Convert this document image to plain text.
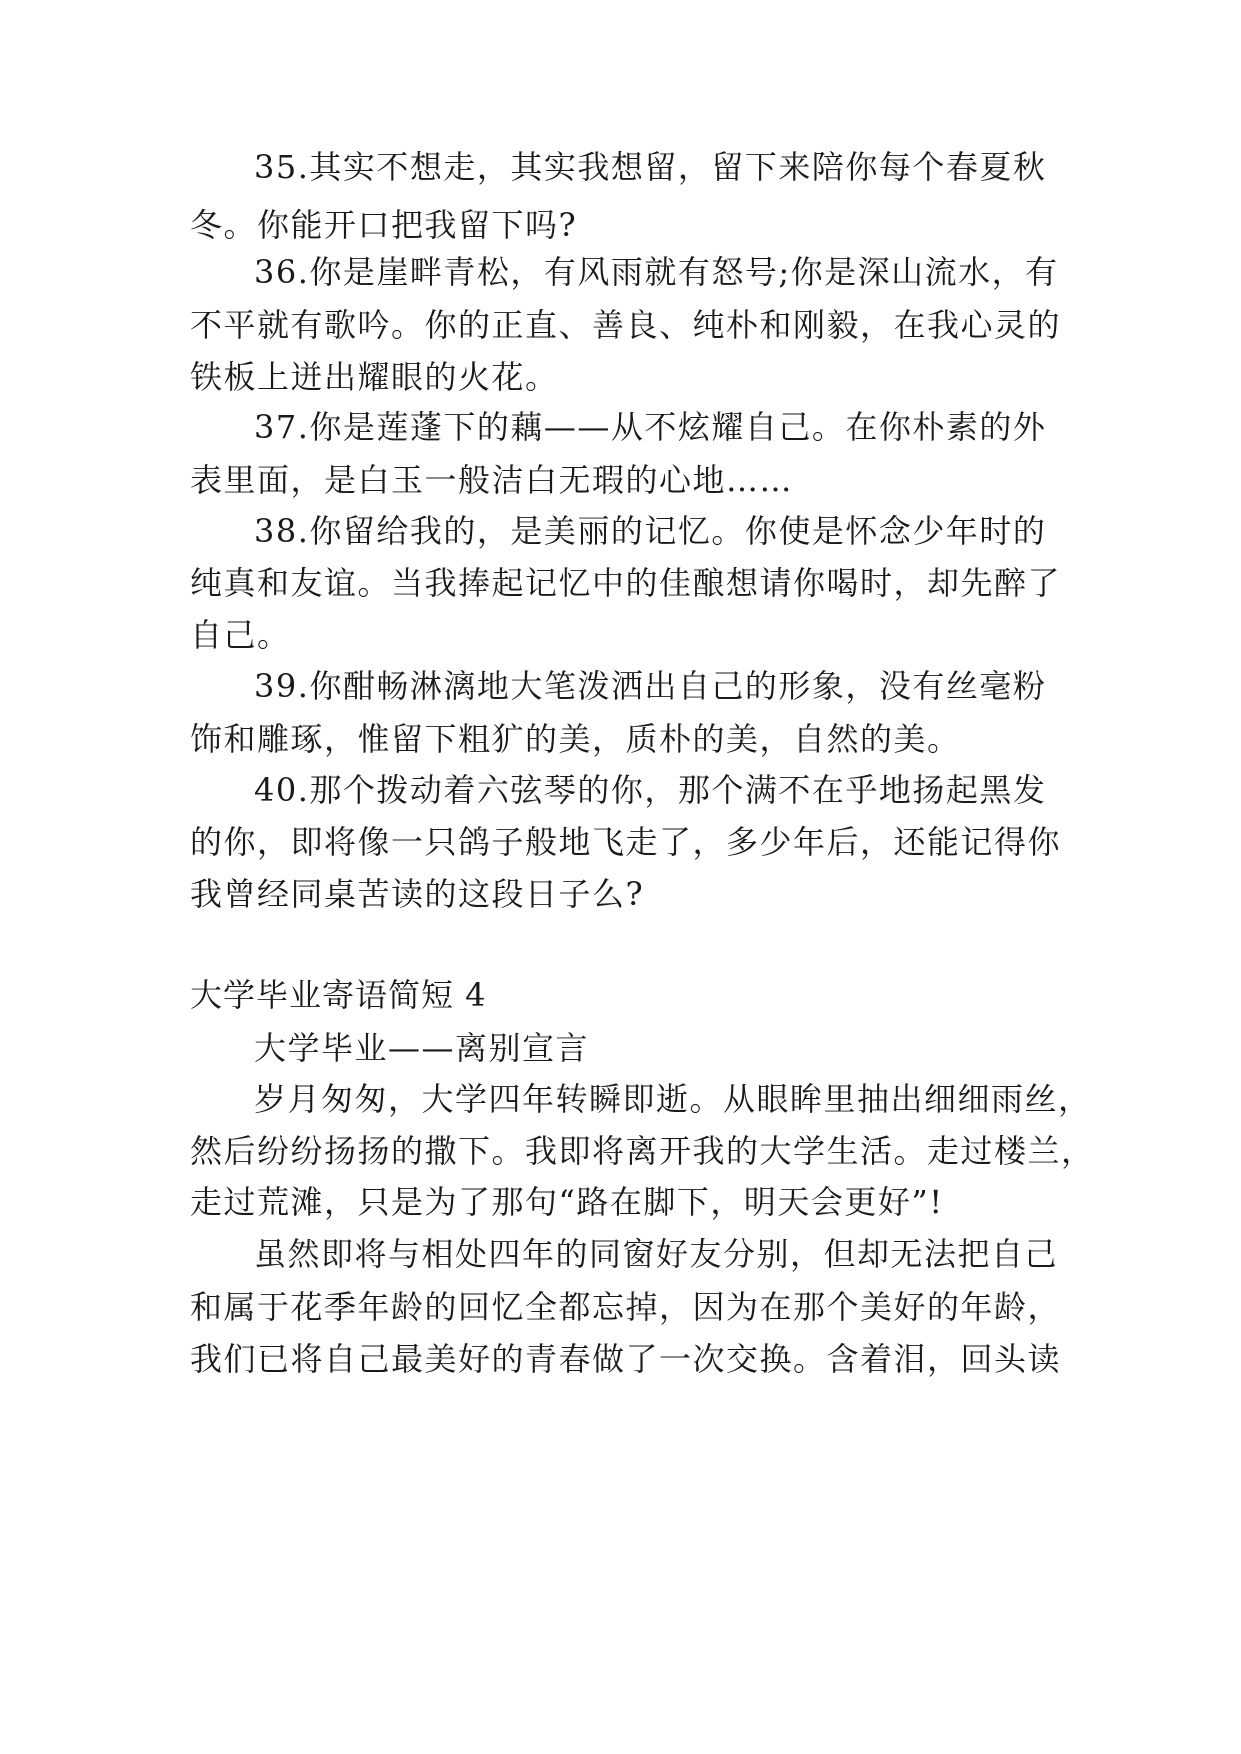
35.其实不想走，其实我想留，留下来陪你每个春夏秋
冬。你能开口把我留下吗?
36.你是崖畔青松，有风雨就有怒号;你是深山流水，有
不平就有歌吟。你的正直、善良、纯朴和刚毅，在我心灵的
铁板上迸出耀眼的火花。
37.你是莲蓬下的藕——从不炫耀自己。在你朴素的外
表里面，是白玉一般洁白无瑕的心地……
38.你留给我的，是美丽的记忆。你使是怀念少年时的
纯真和友谊。当我捧起记忆中的佳酿想请你喝时，却先醉了
自己。
39.你酣畅淋漓地大笔泼洒出自己的形象，没有丝毫粉
饰和雕琢，惟留下粗犷的美，质朴的美，自然的美。
40.那个拨动着六弦琴的你，那个满不在乎地扬起黑发
的你，即将像一只鸽子般地飞走了，多少年后，还能记得你
我曾经同桌苦读的这段日子么?
大学毕业寄语简短 4
大学毕业——离别宣言
岁月匆匆，大学四年转瞬即逝。从眼眸里抽出细细雨丝，
然后纷纷扬扬的撒下。我即将离开我的大学生活。走过楼兰，
走过荒滩，只是为了那句“路在脚下，明天会更好”!
虽然即将与相处四年的同窗好友分别，但却无法把自己
和属于花季年龄的回忆全都忘掉，因为在那个美好的年龄，
我们已将自己最美好的青春做了一次交换。含着泪，回头读
